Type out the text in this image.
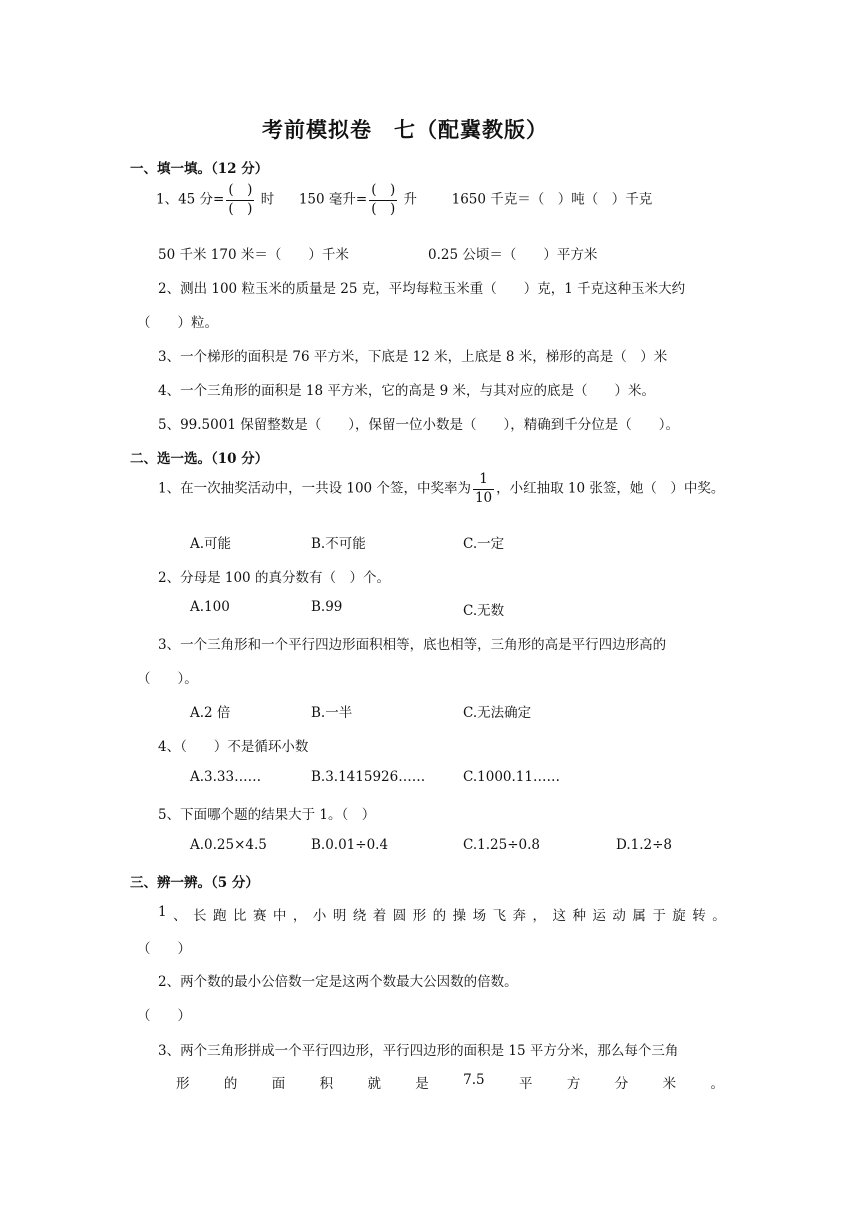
考前模拟卷　七（配冀教版）
一、填一填。（12 分）
1、45 分= $\frac{( )}{( )}$ 时 150 毫升= $\frac{( )}{( )}$ 升	1650 千克＝（　）吨（　）千克
50 千米 170 米＝（　　）千米	0.25 公顷＝（　　）平方米
2、测出 100 粒玉米的质量是 25 克，平均每粒玉米重（　　）克，1 千克这种玉米大约
（　　）粒。
3、一个梯形的面积是 76 平方米，下底是 12 米，上底是 8 米，梯形的高是（　）米
4、一个三角形的面积是 18 平方米，它的高是 9 米，与其对应的底是（　　）米。
5、99.5001 保留整数是（　　），保留一位小数是（　　），精确到千分位是（　　）。
二、选一选。（10 分）
1、在一次抽奖活动中，一共设 100 个签，中奖率为 $\frac{1}{10}$ ，小红抽取 10 张签，她（　）中奖。
A.可能	B.不可能	C.一定
2、分母是 100 的真分数有（　）个。
A.100	B.99	C.无数
3、一个三角形和一个平行四边形面积相等，底也相等，三角形的高是平行四边形高的
（　　）。
A.2 倍	B.一半	C.无法确定
4、（　　）不是循环小数
A.3.33……	B.3.1415926……	C.1000.11……
5、下面哪个题的结果大于 1。（　）
A.0.25×4.5	B.0.01÷0.4	C.1.25÷0.8	D.1.2÷8
三、辨一辨。（5 分）
1 、 长 跑 比 赛 中 ， 小 明 绕 着 圆 形 的 操 场 飞 奔 ， 这 种 运 动 属 于 旋 转 。
（　　）
2、两个数的最小公倍数一定是这两个数最大公因数的倍数。
（　　）
3、两个三角形拼成一个平行四边形，平行四边形的面积是 15 平方分米，那么每个三角
形	的	面	积	就	是	7.5	平	方	分	米	。
